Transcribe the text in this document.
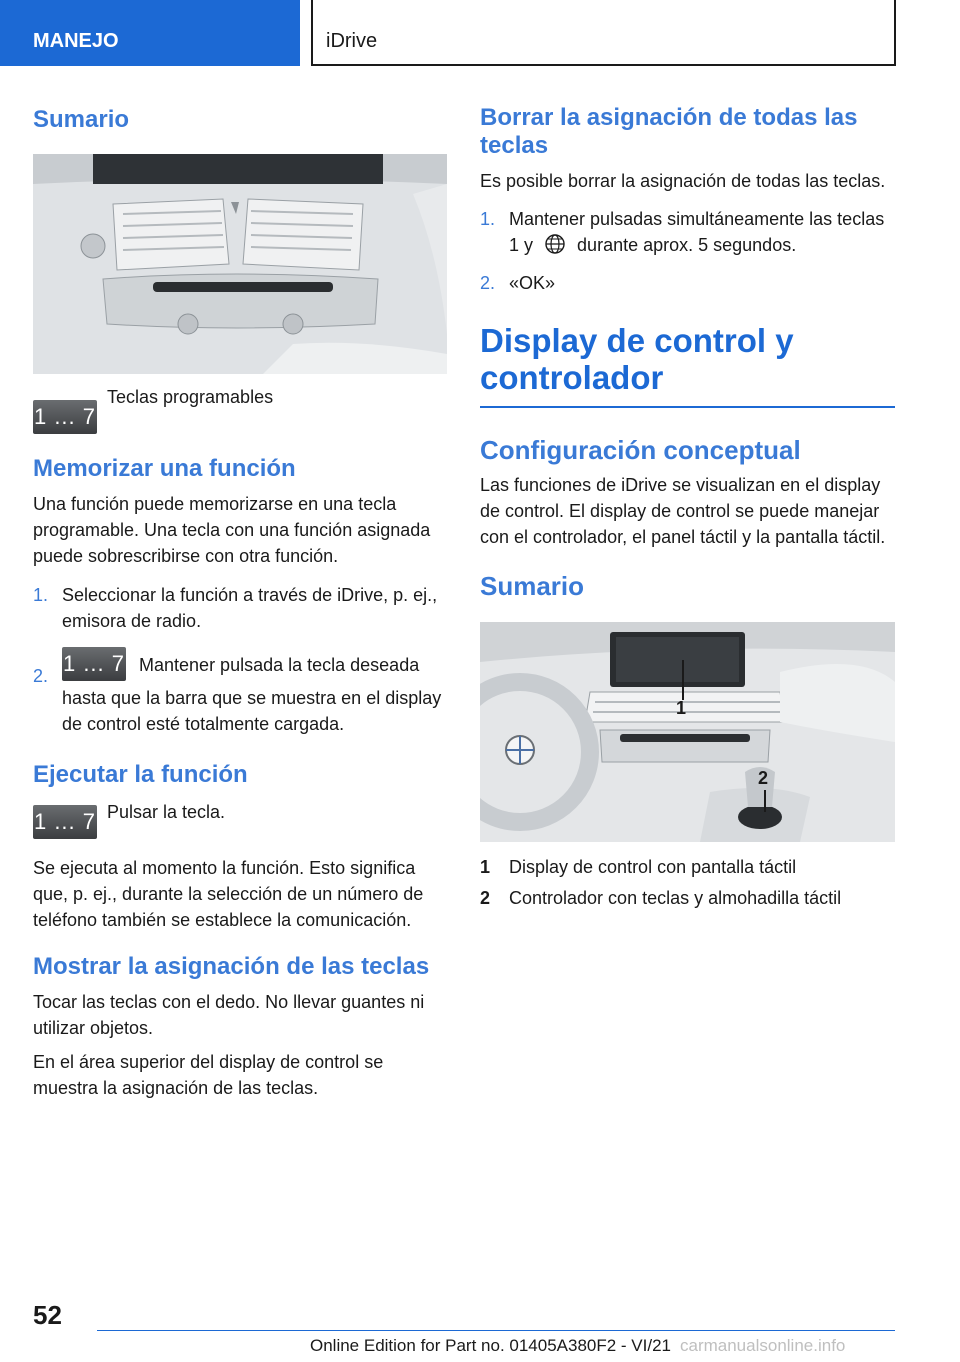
MANEJO	iDrive
Sumario
1 ... 7

Teclas programables

Memorizar una función

Una función puede memorizarse en una tecla programable. Una tecla con una función asignada puede sobrescribirse con otra función.

1. Seleccionar la función a través de iDrive, p. ej., emisora de radio.
2. 1 ... 7 Mantener pulsada la tecla deseada hasta que la barra que se muestra en el display de control esté totalmente cargada.
Ejecutar la función
1 ... 7 Pulsar la tecla.

Se ejecuta al momento la función. Esto significa que, p. ej., durante la selección de un número de teléfono también se establece la comunicación.

Mostrar la asignación de las teclas

Tocar las teclas con el dedo. No llevar guantes ni utilizar objetos.

En el área superior del display de control se muestra la asignación de las teclas.

Borrar la asignación de todas las teclas

Es posible borrar la asignación de todas las teclas.

1. Mantener pulsadas simultáneamente las teclas 1 y durante aprox. 5 segundos.
2. «OK»
Display de control y controlador
Configuración conceptual

Las funciones de iDrive se visualizan en el display de control. El display de control se puede manejar con el controlador, el panel táctil y la pantalla táctil.

Sumario
1
2
1 Display de control con pantalla táctil
2 Controlador con teclas y almohadilla táctil
52
Online Edition for Part no. 01405A380F2 - VI/21 carmanualsonline.info
